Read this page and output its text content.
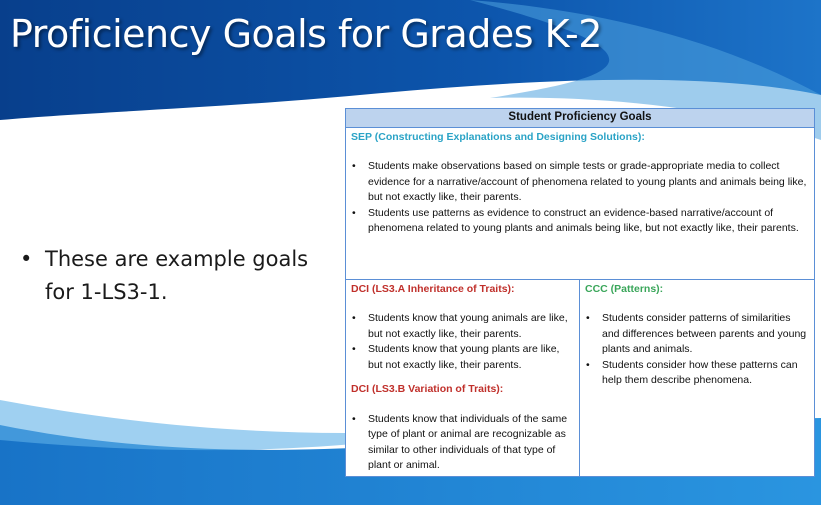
Proficiency Goals for Grades K-2
• These are example goals for 1-LS3-1.
Student Proficiency Goals

SEP (Constructing Explanations and Designing Solutions):
• Students make observations based on simple tests or grade-appropriate media to collect evidence for a narrative/account of phenomena related to young plants and animals being like, but not exactly like, their parents.
• Students use patterns as evidence to construct an evidence-based narrative/account of phenomena related to young plants and animals being like, but not exactly like, their parents.

DCI (LS3.A Inheritance of Traits):
• Students know that young animals are like, but not exactly like, their parents.
• Students know that young plants are like, but not exactly like, their parents.
DCI (LS3.B Variation of Traits):
• Students know that individuals of the same type of plant or animal are recognizable as similar to other individuals of that type of plant or animal.

CCC (Patterns):
• Students consider patterns of similarities and differences between parents and young plants and animals.
• Students consider how these patterns can help them describe phenomena.
